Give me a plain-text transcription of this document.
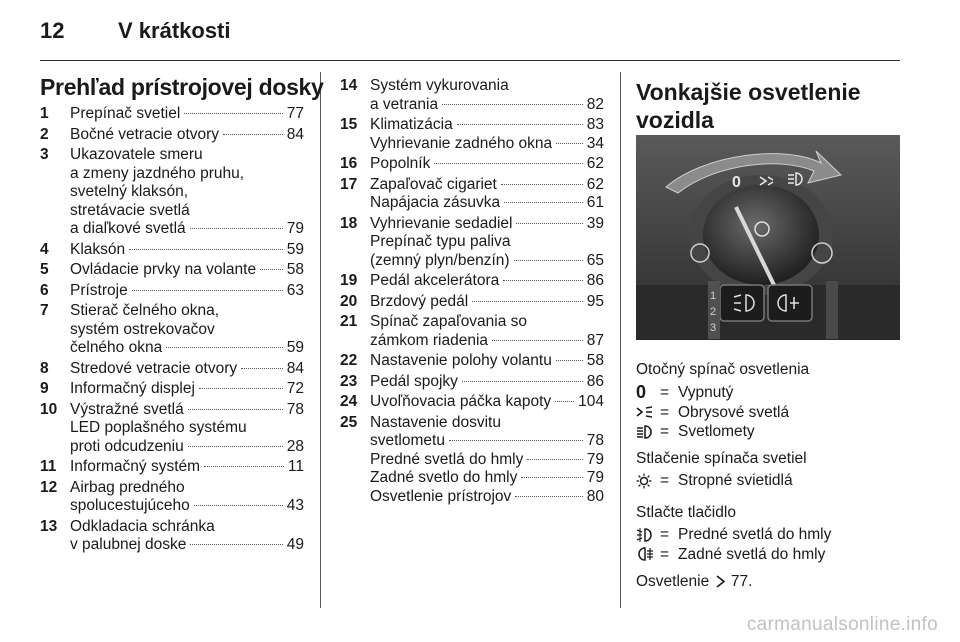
12 V krátkosti
Prehľad prístrojovej dosky
1 Prepínač svetiel	77
2 Bočné vetracie otvory	84
3 Ukazovatele smeru
a zmeny jazdného pruhu,
svetelný klaksón,
stretávacie svetlá
a diaľkové svetlá	79
4 Klaksón	59
5 Ovládacie prvky na volante 58
6 Prístroje	63
7 Stierač čelného okna,
systém ostrekovačov
čelného okna	59
8 Stredové vetracie otvory	84
9 Informačný displej	72
10 Výstražné svetlá	78
LED poplašného systému
proti odcudzeniu	28
11 Informačný systém	11
12 Airbag predného
spolucestujúceho	43
13 Odkladacia schránka
v palubnej doske	49
14 Systém vykurovania
a vetrania	82
15 Klimatizácia	83
Vyhrievanie zadného okna 34
16 Popolník	62
17 Zapaľovač cigariet	62
Napájacia zásuvka	61
18 Vyhrievanie sedadiel	39
Prepínač typu paliva
(zemný plyn/benzín)	65
19 Pedál akcelerátora	86
20 Brzdový pedál	95
21 Spínač zapaľovania so
zámkom riadenia	87
22 Nastavenie polohy volantu 58
23 Pedál spojky	86
24 Uvoľňovacia páčka kapoty 104
25 Nastavenie dosvitu
svetlometu	78
Predné svetlá do hmly	79
Zadné svetlo do hmly	79
Osvetlenie prístrojov	80
Vonkajšie osvetlenie
vozidla
0
1
2
3
Otočný spínač osvetlenia
0 = Vypnutý
= Obrysové svetlá
= Svetlomety
Stlačenie spínača svetiel
= Stropné svietidlá
Stlačte tlačidlo
= Predné svetlá do hmly
= Zadné svetlá do hmly
Osvetlenie 77.
carmanualsonline.info
